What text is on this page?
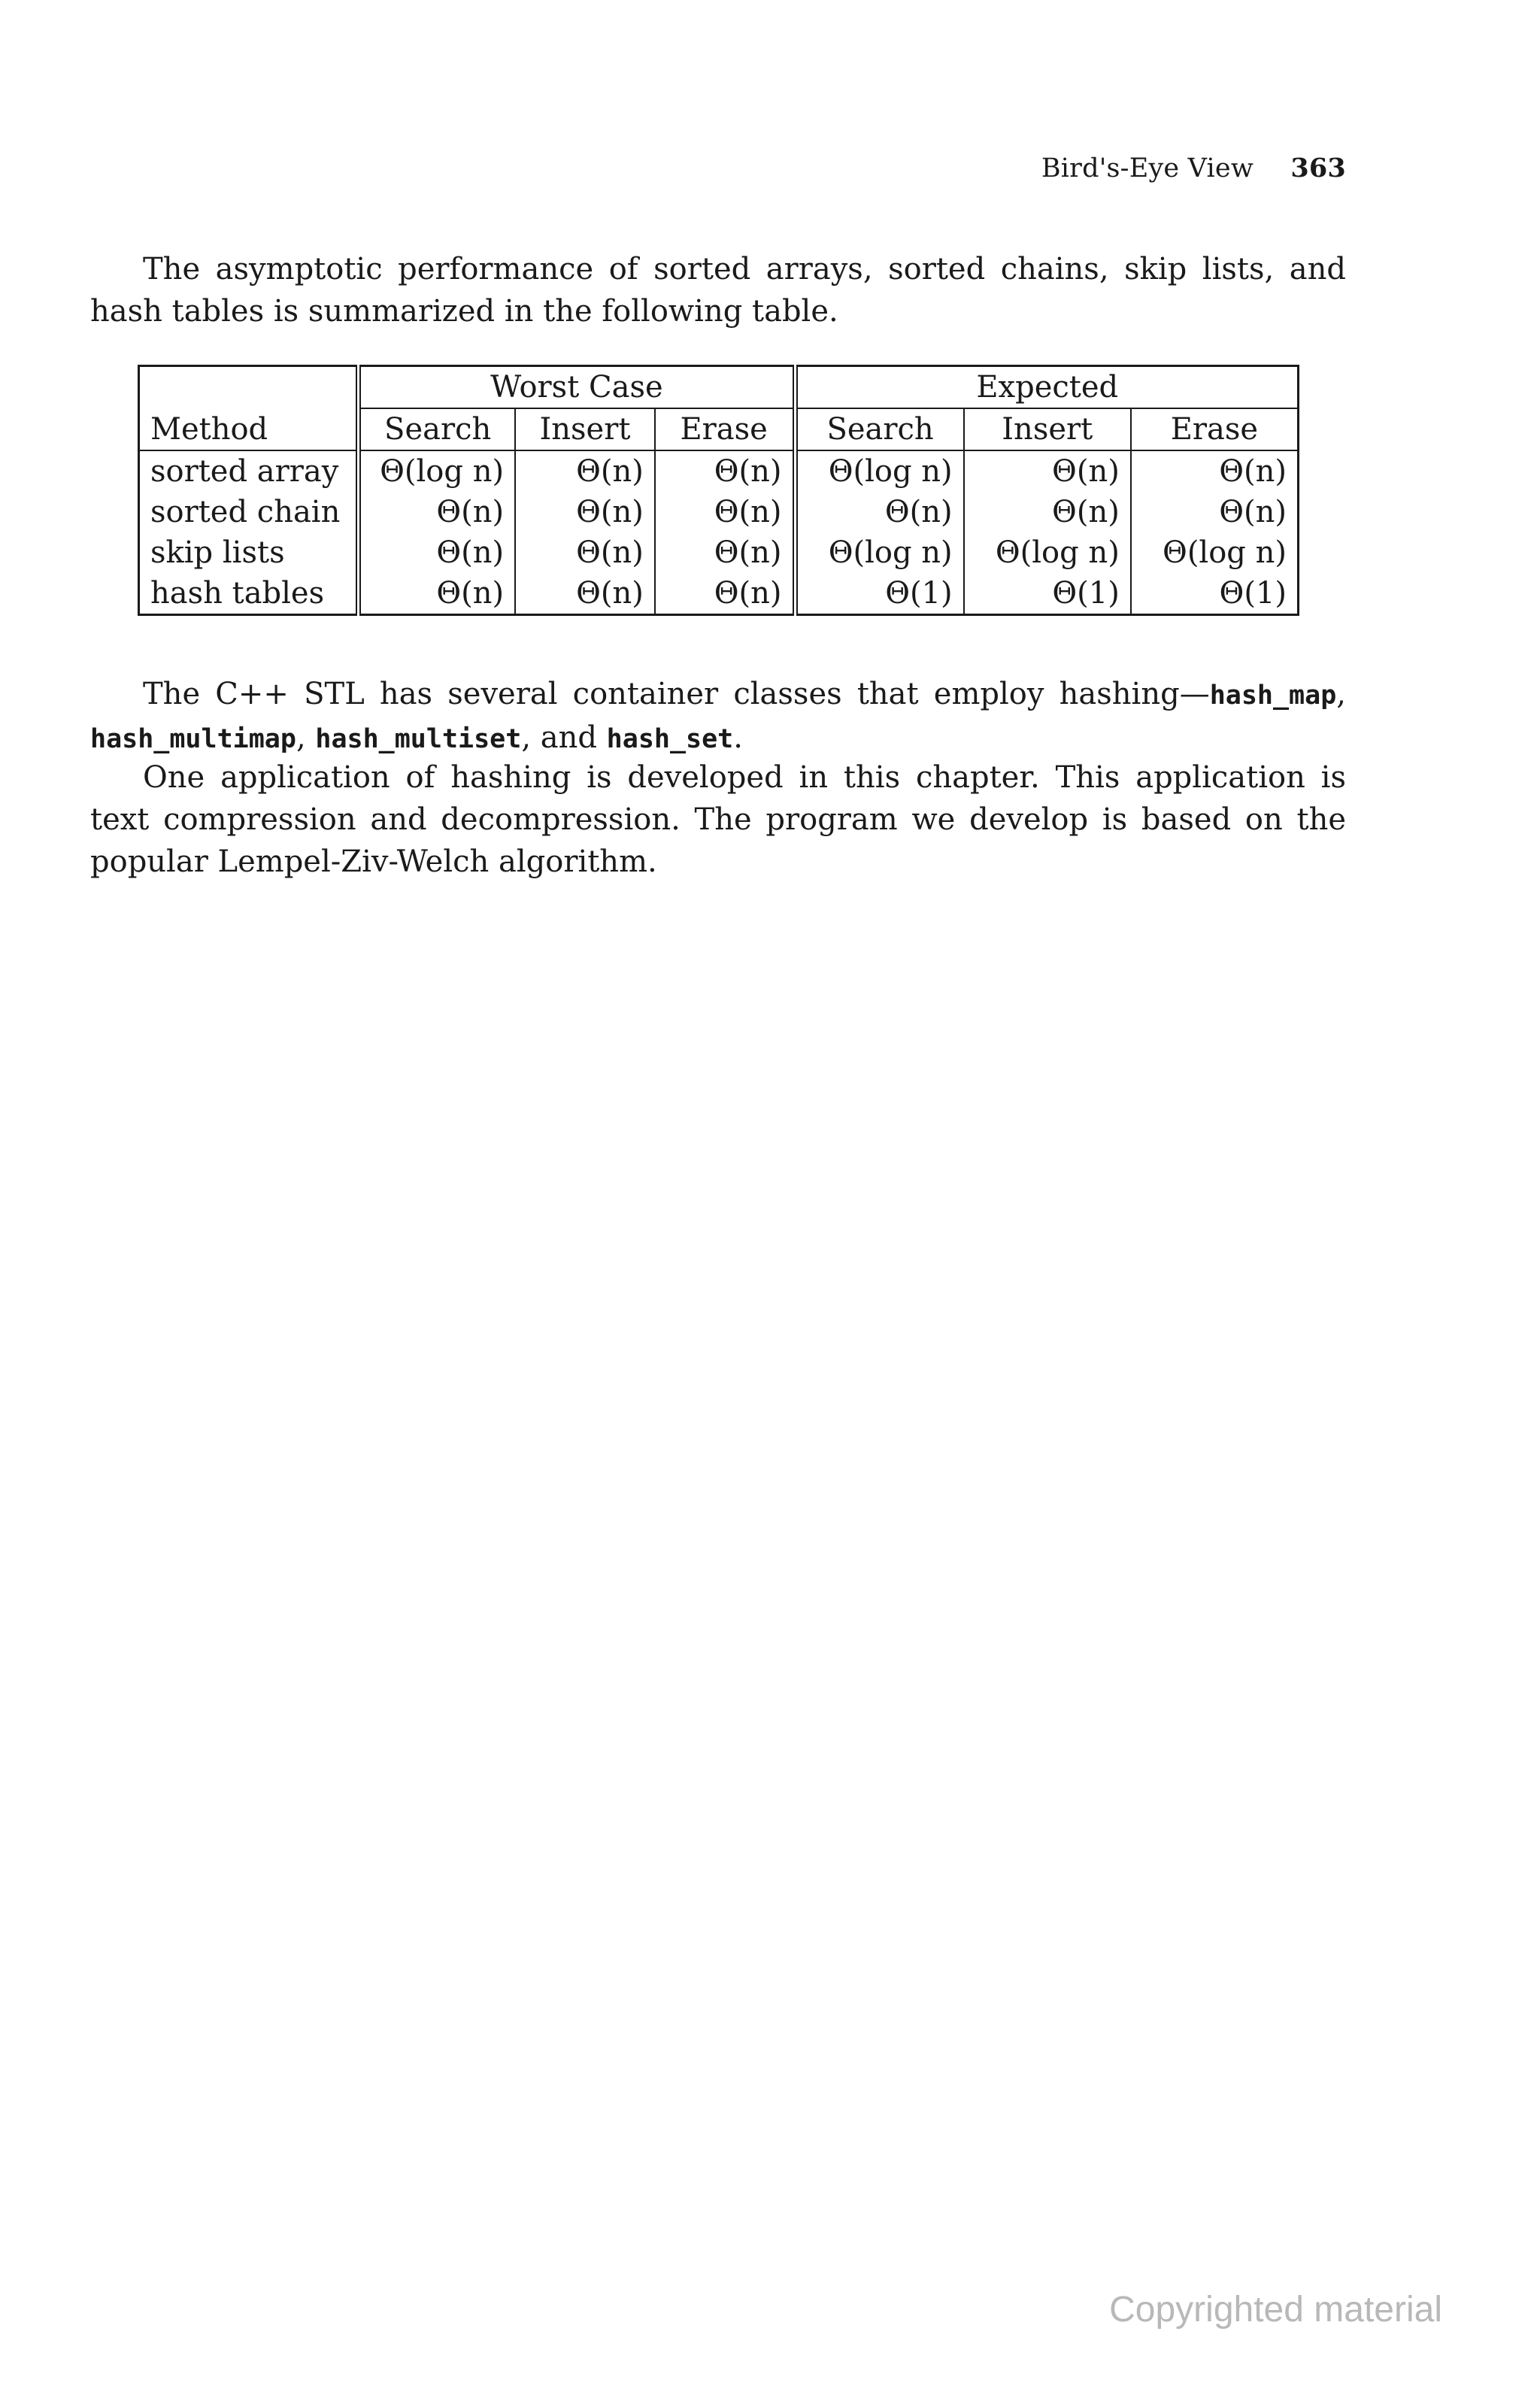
Bird's-Eye View 363

The asymptotic performance of sorted arrays, sorted chains, skip lists, and hash tables is summarized in the following table.

	Worst Case			Expected		
Method	Search	Insert	Erase	Search	Insert	Erase
sorted array	Θ(log n)	Θ(n)	Θ(n)	Θ(log n)	Θ(n)	Θ(n)
sorted chain	Θ(n)	Θ(n)	Θ(n)	Θ(n)	Θ(n)	Θ(n)
skip lists	Θ(n)	Θ(n)	Θ(n)	Θ(log n)	Θ(log n)	Θ(log n)
hash tables	Θ(n)	Θ(n)	Θ(n)	Θ(1)	Θ(1)	Θ(1)

The C++ STL has several container classes that employ hashing—hash_map, hash_multimap, hash_multiset, and hash_set.

One application of hashing is developed in this chapter. This application is text compression and decompression. The program we develop is based on the popular Lempel-Ziv-Welch algorithm.

Copyrighted material
